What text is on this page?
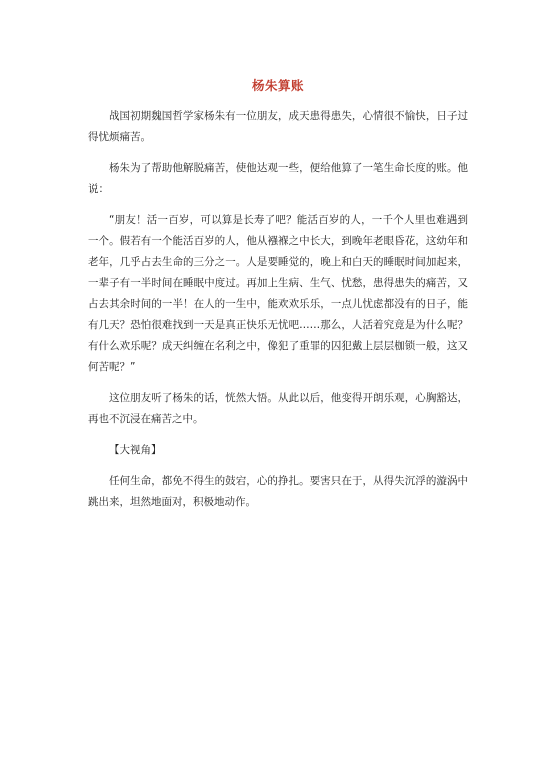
杨朱算账

战国初期魏国哲学家杨朱有一位朋友，成天患得患失，心情很不愉快，日子过得忧烦痛苦。

杨朱为了帮助他解脱痛苦，使他达观一些，便给他算了一笔生命长度的账。他说：

“朋友！活一百岁，可以算是长寿了吧？能活百岁的人，一千个人里也难遇到一个。假若有一个能活百岁的人，他从襁褓之中长大，到晚年老眼昏花，这幼年和老年，几乎占去生命的三分之一。人是要睡觉的，晚上和白天的睡眠时间加起来，一辈子有一半时间在睡眠中度过。再加上生病、生气、忧愁，患得患失的痛苦，又占去其余时间的一半！在人的一生中，能欢欢乐乐，一点儿忧虑都没有的日子，能有几天？恐怕很难找到一天是真正快乐无忧吧……那么，人活着究竟是为什么呢？有什么欢乐呢？成天纠缠在名利之中，像犯了重罪的囚犯戴上层层枷锁一般，这又何苦呢？”

这位朋友听了杨朱的话，恍然大悟。从此以后，他变得开朗乐观，心胸豁达，再也不沉浸在痛苦之中。

【大视角】

任何生命，都免不得生的鼓宕，心的挣扎。要害只在于，从得失沉浮的漩涡中跳出来，坦然地面对，积极地动作。
